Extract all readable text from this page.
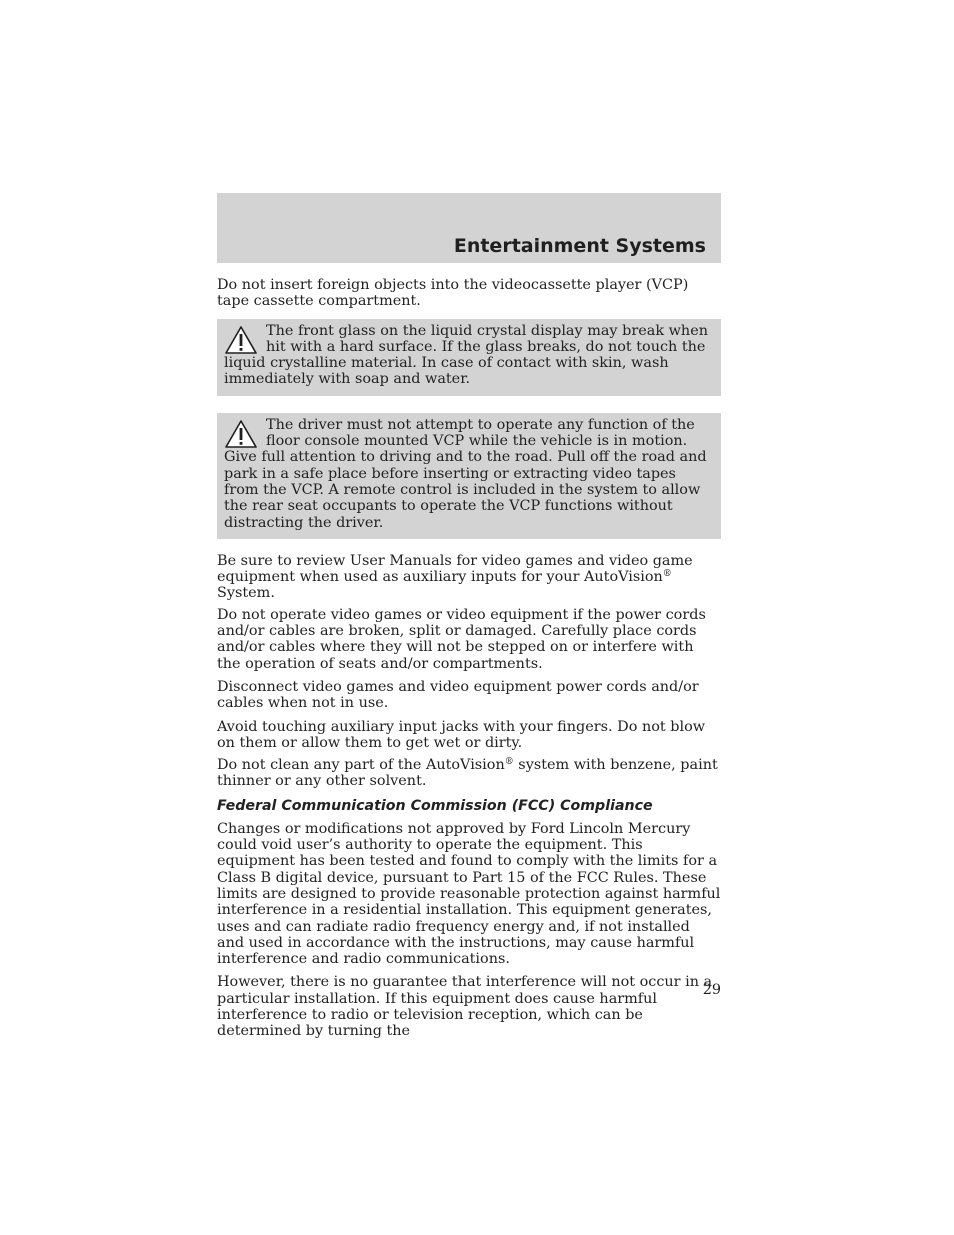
Entertainment Systems

Do not insert foreign objects into the videocassette player (VCP) tape cassette compartment.

The front glass on the liquid crystal display may break when hit with a hard surface. If the glass breaks, do not touch the liquid crystalline material. In case of contact with skin, wash immediately with soap and water.

The driver must not attempt to operate any function of the floor console mounted VCP while the vehicle is in motion. Give full attention to driving and to the road. Pull off the road and park in a safe place before inserting or extracting video tapes from the VCP. A remote control is included in the system to allow the rear seat occupants to operate the VCP functions without distracting the driver.

Be sure to review User Manuals for video games and video game equipment when used as auxiliary inputs for your AutoVision® System.

Do not operate video games or video equipment if the power cords and/or cables are broken, split or damaged. Carefully place cords and/or cables where they will not be stepped on or interfere with the operation of seats and/or compartments.

Disconnect video games and video equipment power cords and/or cables when not in use.

Avoid touching auxiliary input jacks with your fingers. Do not blow on them or allow them to get wet or dirty.

Do not clean any part of the AutoVision® system with benzene, paint thinner or any other solvent.

Federal Communication Commission (FCC) Compliance

Changes or modifications not approved by Ford Lincoln Mercury could void user’s authority to operate the equipment. This equipment has been tested and found to comply with the limits for a Class B digital device, pursuant to Part 15 of the FCC Rules. These limits are designed to provide reasonable protection against harmful interference in a residential installation. This equipment generates, uses and can radiate radio frequency energy and, if not installed and used in accordance with the instructions, may cause harmful interference and radio communications.

However, there is no guarantee that interference will not occur in a particular installation. If this equipment does cause harmful interference to radio or television reception, which can be determined by turning the

29
